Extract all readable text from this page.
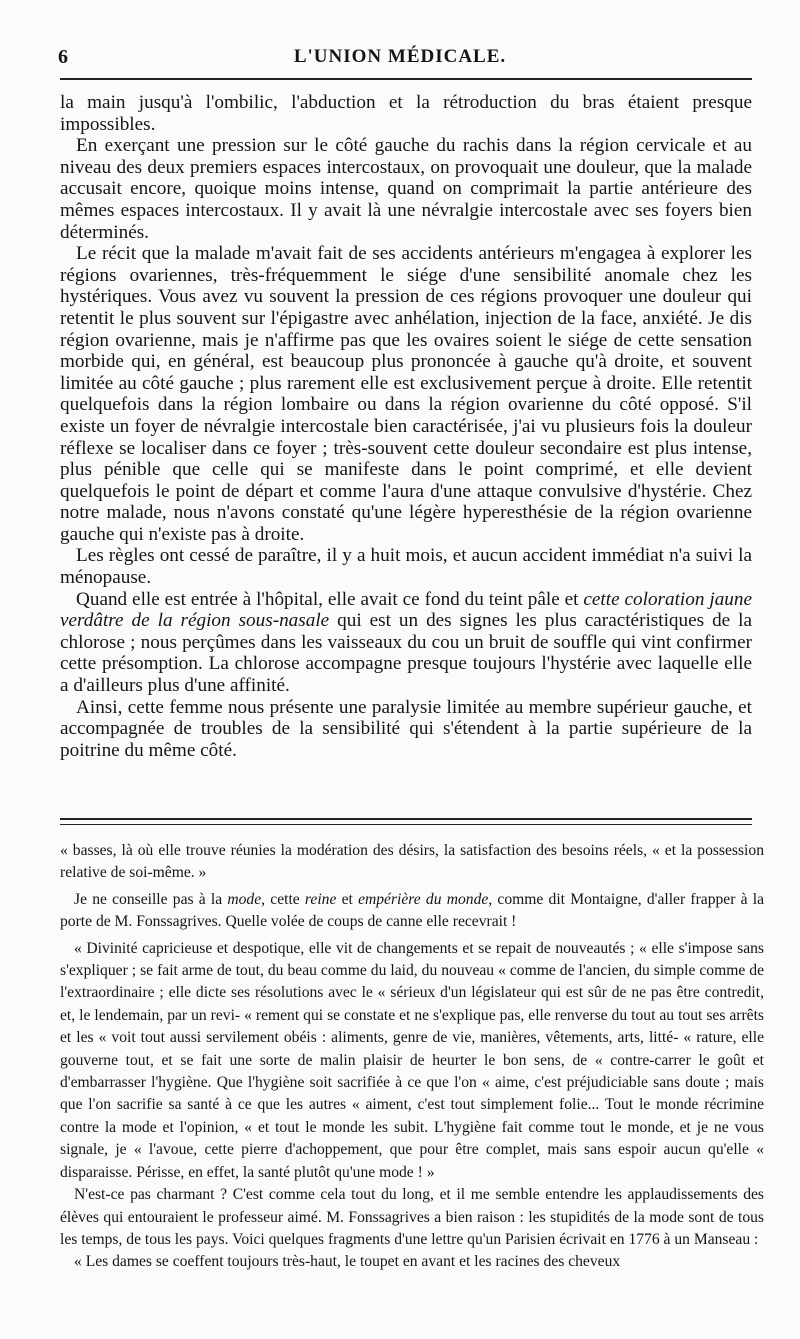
6	L'UNION MÉDICALE.

la main jusqu'à l'ombilic, l'abduction et la rétroduction du bras étaient presque impossibles.

En exerçant une pression sur le côté gauche du rachis dans la région cervicale et au niveau des deux premiers espaces intercostaux, on provoquait une douleur, que la malade accusait encore, quoique moins intense, quand on comprimait la partie antérieure des mêmes espaces intercostaux. Il y avait là une névralgie intercostale avec ses foyers bien déterminés.

Le récit que la malade m'avait fait de ses accidents antérieurs m'engagea à explorer les régions ovariennes, très-fréquemment le siége d'une sensibilité anomale chez les hystériques. Vous avez vu souvent la pression de ces régions provoquer une douleur qui retentit le plus souvent sur l'épigastre avec anhélation, injection de la face, anxiété. Je dis région ovarienne, mais je n'affirme pas que les ovaires soient le siége de cette sensation morbide qui, en général, est beaucoup plus prononcée à gauche qu'à droite, et souvent limitée au côté gauche ; plus rarement elle est exclusivement perçue à droite. Elle retentit quelquefois dans la région lombaire ou dans la région ovarienne du côté opposé. S'il existe un foyer de névralgie intercostale bien caractérisée, j'ai vu plusieurs fois la douleur réflexe se localiser dans ce foyer ; très-souvent cette douleur secondaire est plus intense, plus pénible que celle qui se manifeste dans le point comprimé, et elle devient quelquefois le point de départ et comme l'aura d'une attaque convulsive d'hystérie. Chez notre malade, nous n'avons constaté qu'une légère hyperesthésie de la région ovarienne gauche qui n'existe pas à droite.

Les règles ont cessé de paraître, il y a huit mois, et aucun accident immédiat n'a suivi la ménopause.

Quand elle est entrée à l'hôpital, elle avait ce fond du teint pâle et cette coloration jaune verdâtre de la région sous-nasale qui est un des signes les plus caractéristiques de la chlorose ; nous perçûmes dans les vaisseaux du cou un bruit de souffle qui vint confirmer cette présomption. La chlorose accompagne presque toujours l'hystérie avec laquelle elle a d'ailleurs plus d'une affinité.

Ainsi, cette femme nous présente une paralysie limitée au membre supérieur gauche, et accompagnée de troubles de la sensibilité qui s'étendent à la partie supérieure de la poitrine du même côté.

« basses, là où elle trouve réunies la modération des désirs, la satisfaction des besoins réels, « et la possession relative de soi-même. »

Je ne conseille pas à la mode, cette reine et empérière du monde, comme dit Montaigne, d'aller frapper à la porte de M. Fonssagrives. Quelle volée de coups de canne elle recevrait !

« Divinité capricieuse et despotique, elle vit de changements et se repait de nouveautés ; « elle s'impose sans s'expliquer ; se fait arme de tout, du beau comme du laid, du nouveau « comme de l'ancien, du simple comme de l'extraordinaire ; elle dicte ses résolutions avec le « sérieux d'un législateur qui est sûr de ne pas être contredit, et, le lendemain, par un revi- « rement qui se constate et ne s'explique pas, elle renverse du tout au tout ses arrêts et les « voit tout aussi servilement obéis : aliments, genre de vie, manières, vêtements, arts, litté- « rature, elle gouverne tout, et se fait une sorte de malin plaisir de heurter le bon sens, de « contre-carrer le goût et d'embarrasser l'hygiène. Que l'hygiène soit sacrifiée à ce que l'on « aime, c'est préjudiciable sans doute ; mais que l'on sacrifie sa santé à ce que les autres « aiment, c'est tout simplement folie... Tout le monde récrimine contre la mode et l'opinion, « et tout le monde les subit. L'hygiène fait comme tout le monde, et je ne vous signale, je « l'avoue, cette pierre d'achoppement, que pour être complet, mais sans espoir aucun qu'elle « disparaisse. Périsse, en effet, la santé plutôt qu'une mode ! »

N'est-ce pas charmant ? C'est comme cela tout du long, et il me semble entendre les applaudissements des élèves qui entouraient le professeur aimé. M. Fonssagrives a bien raison : les stupidités de la mode sont de tous les temps, de tous les pays. Voici quelques fragments d'une lettre qu'un Parisien écrivait en 1776 à un Manseau :

« Les dames se coeffent toujours très-haut, le toupet en avant et les racines des cheveux
